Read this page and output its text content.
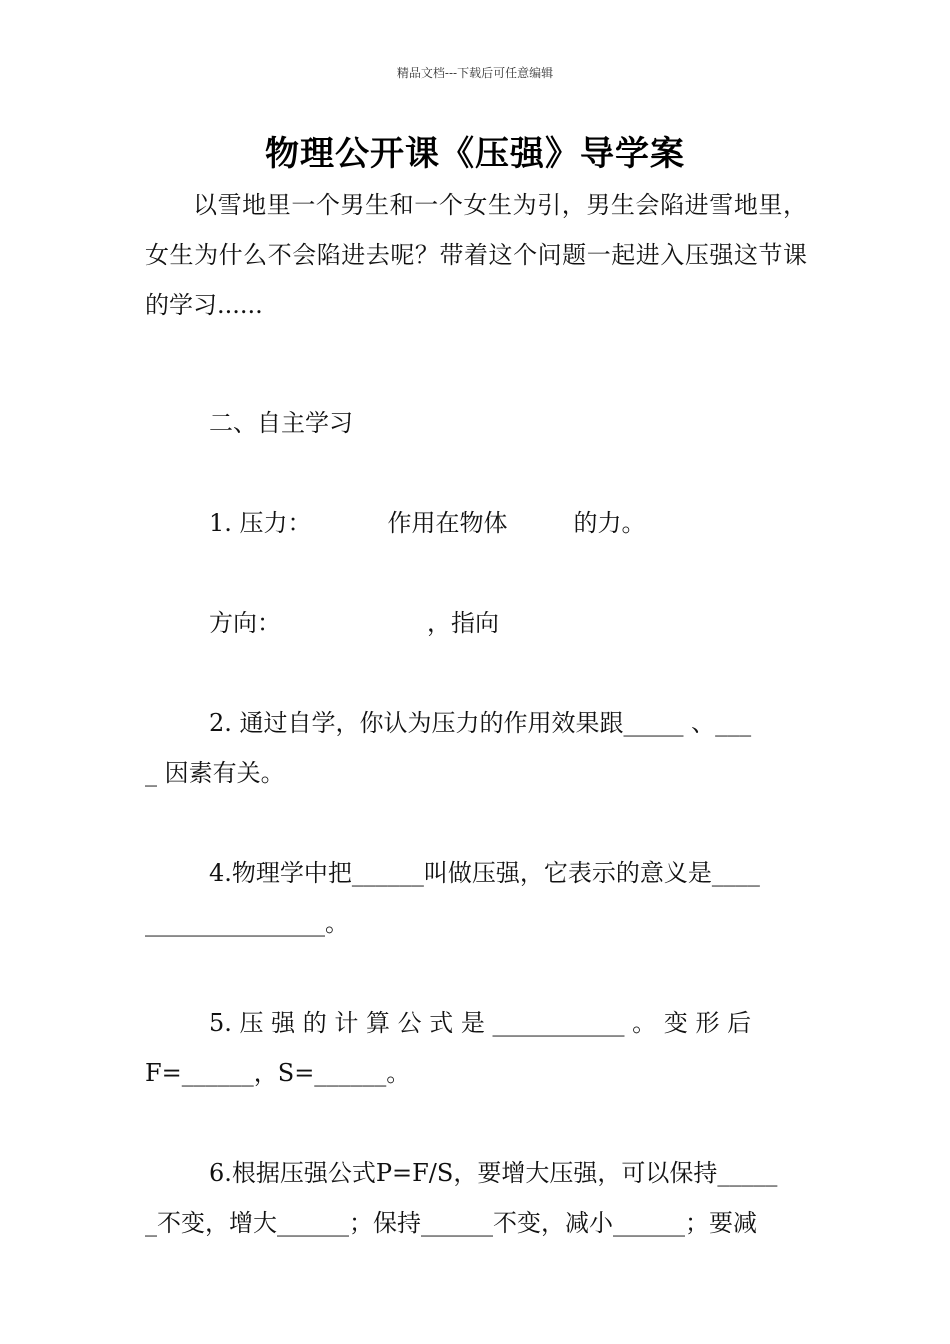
精品文档---下载后可任意编辑
物理公开课《压强》导学案

以雪地里一个男生和一个女生为引，男生会陷进雪地里，女生为什么不会陷进去呢？带着这个问题一起进入压强这节课的学习......

二、自主学习

1. 压力：	作用在物体	的力。

方向：	，指向

2. 通过自学，你认为压力的作用效果跟_____ 、___

_ 因素有关。

4.物理学中把______叫做压强，它表示的意义是____

_______________。

5. 压 强 的 计 算 公 式 是 ___________ 。 变 形 后

F=______，S=______。

6.根据压强公式P=F/S，要增大压强，可以保持_____

_不变，增大______；保持______不变，减小______；要减
